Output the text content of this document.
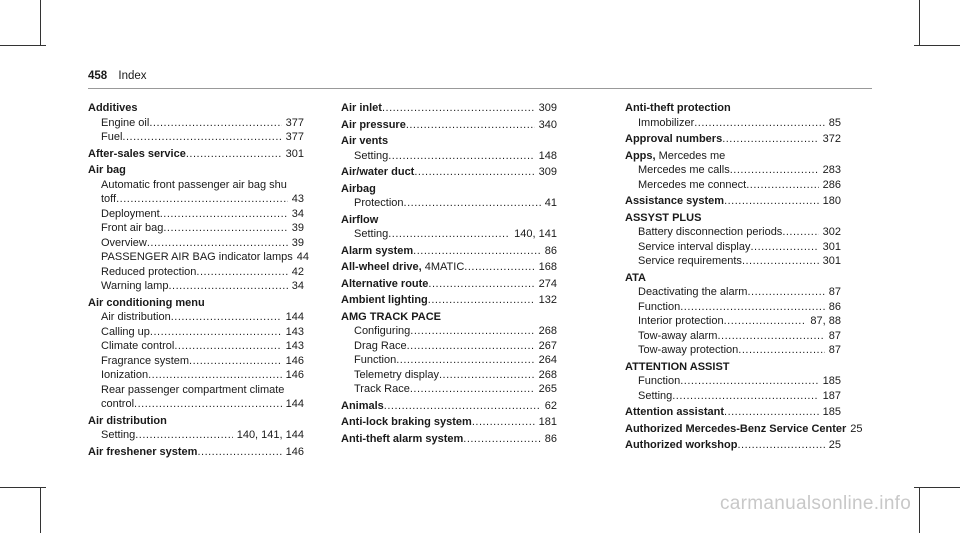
458 Index
Additives
Engine oil .....	377
Fuel .....	377
After-sales service .....	301
Air bag
Automatic front passenger air bag shu
toff .....	43
Deployment .....	34
Front air bag .....	39
Overview .....	39
PASSENGER AIR BAG indicator lamps 44
Reduced protection .....	42
Warning lamp .....	34
Air conditioning menu
Air distribution .....	144
Calling up .....	143
Climate control .....	143
Fragrance system .....	146
Ionization .....	146
Rear passenger compartment climate
control .....	144
Air distribution
Setting .....	140, 141, 144
Air freshener system .....	146
Air inlet .....	309
Air pressure .....	340
Air vents
Setting .....	148
Air/water duct .....	309
Airbag
Protection .....	41
Airflow
Setting .....	140, 141
Alarm system .....	86
All-wheel drive, 4MATIC .....	168
Alternative route .....	274
Ambient lighting .....	132
AMG TRACK PACE
Configuring .....	268
Drag Race .....	267
Function .....	264
Telemetry display .....	268
Track Race .....	265
Animals .....	62
Anti-lock braking system .....	181
Anti-theft alarm system .....	86
Anti-theft protection
Immobilizer .....	85
Approval numbers .....	372
Apps, Mercedes me
Mercedes me calls .....	283
Mercedes me connect .....	286
Assistance system .....	180
ASSYST PLUS
Battery disconnection periods .....	302
Service interval display .....	301
Service requirements .....	301
ATA
Deactivating the alarm .....	87
Function .....	86
Interior protection .....	87, 88
Tow-away alarm .....	87
Tow-away protection .....	87
ATTENTION ASSIST
Function .....	185
Setting .....	187
Attention assistant .....	185
Authorized Mercedes-Benz Service Center 25
Authorized workshop .....	25
carmanualsonline.info
